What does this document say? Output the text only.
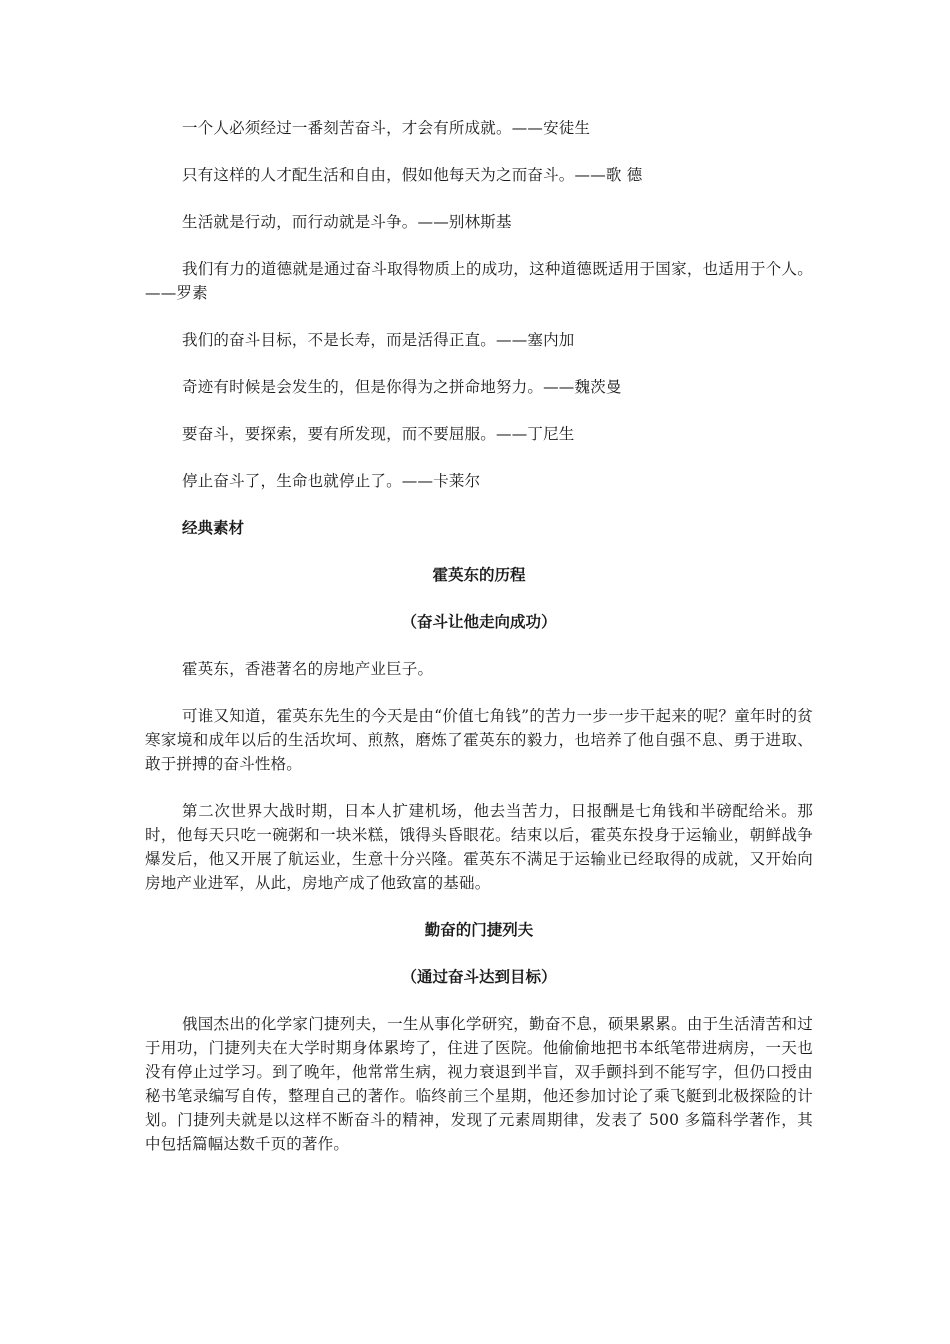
一个人必须经过一番刻苦奋斗，才会有所成就。——安徒生

只有这样的人才配生活和自由，假如他每天为之而奋斗。——歌 德

生活就是行动，而行动就是斗争。——别林斯基

我们有力的道德就是通过奋斗取得物质上的成功，这种道德既适用于国家，也适用于个人。——罗素

我们的奋斗目标，不是长寿，而是活得正直。——塞内加

奇迹有时候是会发生的，但是你得为之拼命地努力。——魏茨曼

要奋斗，要探索，要有所发现，而不要屈服。——丁尼生

停止奋斗了，生命也就停止了。——卡莱尔

经典素材

霍英东的历程

（奋斗让他走向成功）

霍英东，香港著名的房地产业巨子。

可谁又知道，霍英东先生的今天是由“价值七角钱”的苦力一步一步干起来的呢？童年时的贫寒家境和成年以后的生活坎坷、煎熬，磨炼了霍英东的毅力，也培养了他自强不息、勇于进取、敢于拼搏的奋斗性格。

第二次世界大战时期，日本人扩建机场，他去当苦力，日报酬是七角钱和半磅配给米。那时，他每天只吃一碗粥和一块米糕，饿得头昏眼花。结束以后，霍英东投身于运输业，朝鲜战争爆发后，他又开展了航运业，生意十分兴隆。霍英东不满足于运输业已经取得的成就，又开始向房地产业进军，从此，房地产成了他致富的基础。

勤奋的门捷列夫

（通过奋斗达到目标）

俄国杰出的化学家门捷列夫，一生从事化学研究，勤奋不息，硕果累累。由于生活清苦和过于用功，门捷列夫在大学时期身体累垮了，住进了医院。他偷偷地把书本纸笔带进病房，一天也没有停止过学习。到了晚年，他常常生病，视力衰退到半盲，双手颤抖到不能写字，但仍口授由秘书笔录编写自传，整理自己的著作。临终前三个星期，他还参加讨论了乘飞艇到北极探险的计划。门捷列夫就是以这样不断奋斗的精神，发现了元素周期律，发表了 500 多篇科学著作，其中包括篇幅达数千页的著作。
